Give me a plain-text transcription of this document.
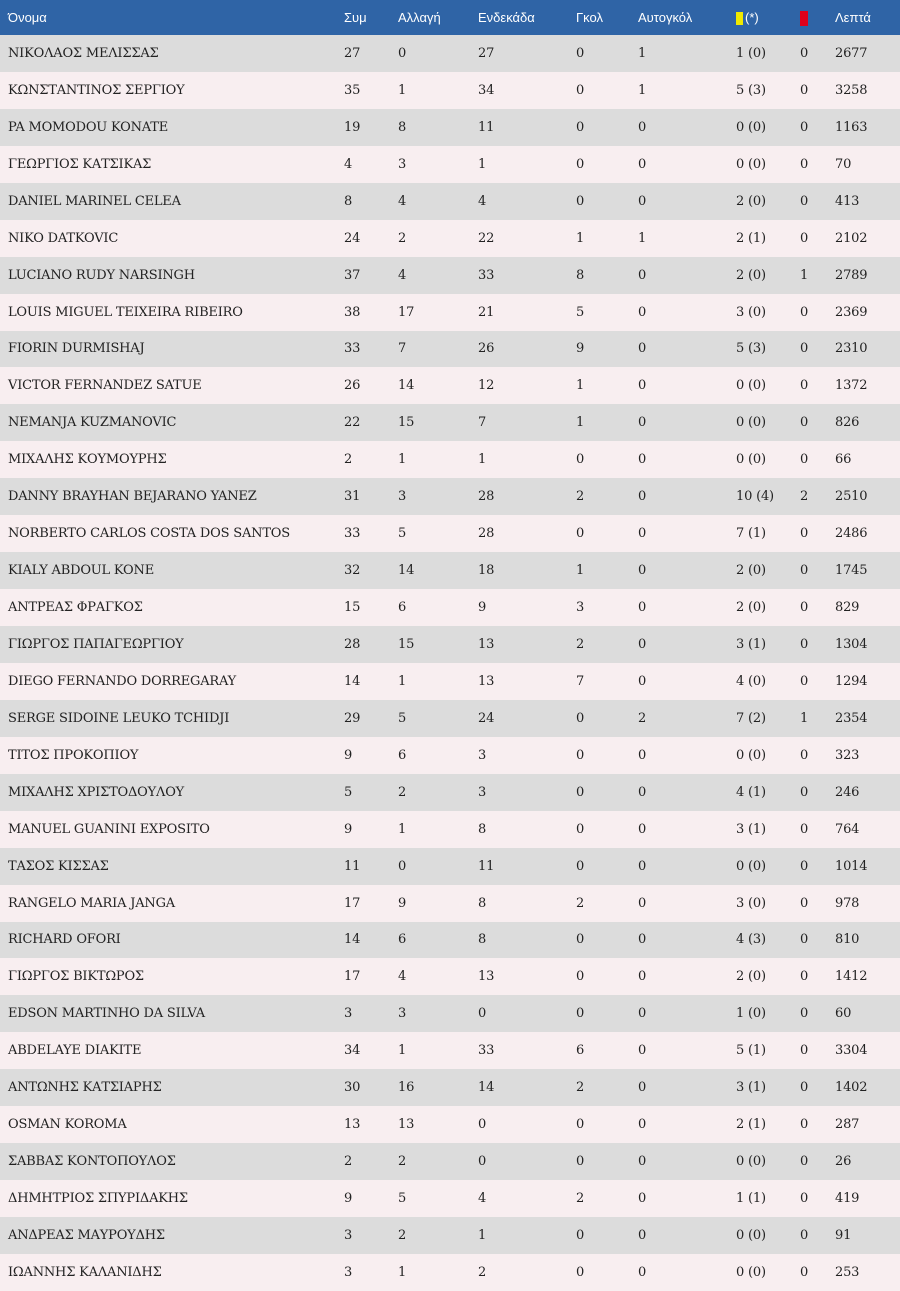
Όνομα	Συμ	Αλλαγή	Ενδεκάδα	Γκολ	Αυτογκόλ	(*)		Λεπτά
ΝΙΚΟΛΑΟΣ ΜΕΛΙΣΣΑΣ	27	0	27	0	1	1 (0)	0	2677
ΚΩΝΣΤΑΝΤΙΝΟΣ ΣΕΡΓΙΟΥ	35	1	34	0	1	5 (3)	0	3258
PA MOMODOU KONATE	19	8	11	0	0	0 (0)	0	1163
ΓΕΩΡΓΙΟΣ ΚΑΤΣΙΚΑΣ	4	3	1	0	0	0 (0)	0	70
DANIEL MARINEL CELEA	8	4	4	0	0	2 (0)	0	413
NIKO DATKOVIC	24	2	22	1	1	2 (1)	0	2102
LUCIANO RUDY NARSINGH	37	4	33	8	0	2 (0)	1	2789
LOUIS MIGUEL TEIXEIRA RIBEIRO	38	17	21	5	0	3 (0)	0	2369
FIORIN DURMISHAJ	33	7	26	9	0	5 (3)	0	2310
VICTOR FERNANDEZ SATUE	26	14	12	1	0	0 (0)	0	1372
NEMANJA KUZMANOVIC	22	15	7	1	0	0 (0)	0	826
ΜΙΧΑΛΗΣ ΚΟΥΜΟΥΡΗΣ	2	1	1	0	0	0 (0)	0	66
DANNY BRAYHAN BEJARANO YANEZ	31	3	28	2	0	10 (4)	2	2510
NORBERTO CARLOS COSTA DOS SANTOS	33	5	28	0	0	7 (1)	0	2486
KIALY ABDOUL KONE	32	14	18	1	0	2 (0)	0	1745
ΑΝΤΡΕΑΣ ΦΡΑΓΚΟΣ	15	6	9	3	0	2 (0)	0	829
ΓΙΩΡΓΟΣ ΠΑΠΑΓΕΩΡΓΙΟΥ	28	15	13	2	0	3 (1)	0	1304
DIEGO FERNANDO DORREGARAY	14	1	13	7	0	4 (0)	0	1294
SERGE SIDOINE LEUKO TCHIDJI	29	5	24	0	2	7 (2)	1	2354
ΤΙΤΟΣ ΠΡΟΚΟΠΙΟΥ	9	6	3	0	0	0 (0)	0	323
ΜΙΧΑΛΗΣ ΧΡΙΣΤΟΔΟΥΛΟΥ	5	2	3	0	0	4 (1)	0	246
MANUEL GUANINI EXPOSITO	9	1	8	0	0	3 (1)	0	764
ΤΑΣΟΣ ΚΙΣΣΑΣ	11	0	11	0	0	0 (0)	0	1014
RANGELO MARIA JANGA	17	9	8	2	0	3 (0)	0	978
RICHARD OFORI	14	6	8	0	0	4 (3)	0	810
ΓΙΩΡΓΟΣ ΒΙΚΤΩΡΟΣ	17	4	13	0	0	2 (0)	0	1412
EDSON MARTINHO DA SILVA	3	3	0	0	0	1 (0)	0	60
ABDELAYE DIAKITE	34	1	33	6	0	5 (1)	0	3304
ΑΝΤΩΝΗΣ ΚΑΤΣΙΑΡΗΣ	30	16	14	2	0	3 (1)	0	1402
OSMAN KOROMA	13	13	0	0	0	2 (1)	0	287
ΣΑΒΒΑΣ ΚΟΝΤΟΠΟΥΛΟΣ	2	2	0	0	0	0 (0)	0	26
ΔΗΜΗΤΡΙΟΣ ΣΠΥΡΙΔΑΚΗΣ	9	5	4	2	0	1 (1)	0	419
ΑΝΔΡΕΑΣ ΜΑΥΡΟΥΔΗΣ	3	2	1	0	0	0 (0)	0	91
ΙΩΑΝΝΗΣ ΚΑΛΑΝΙΔΗΣ	3	1	2	0	0	0 (0)	0	253
